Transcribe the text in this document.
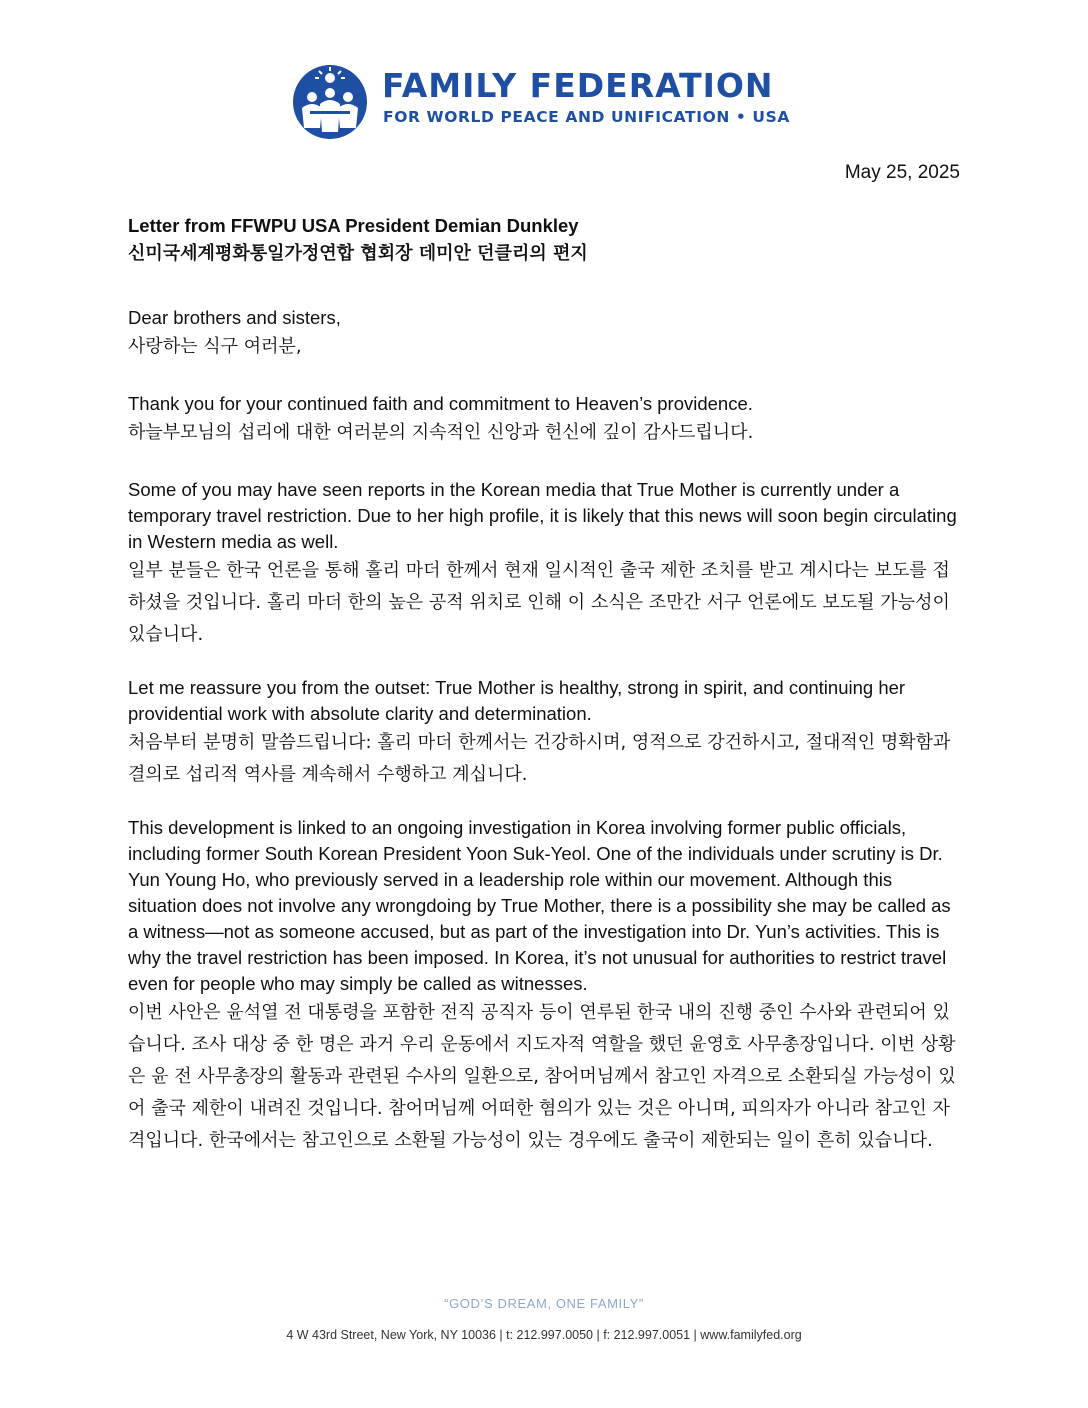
FAMILY FEDERATION
FOR WORLD PEACE AND UNIFICATION • USA
May 25, 2025
Letter from FFWPU USA President Demian Dunkley
신미국세계평화통일가정연합 협회장 데미안 던클리의 편지

Dear brothers and sisters,

사랑하는 식구 여러분,

Thank you for your continued faith and commitment to Heaven’s providence.

하늘부모님의 섭리에 대한 여러분의 지속적인 신앙과 헌신에 깊이 감사드립니다.

Some of you may have seen reports in the Korean media that True Mother is currently under a temporary travel restriction. Due to her high profile, it is likely that this news will soon begin circulating in Western media as well.

일부 분들은 한국 언론을 통해 홀리 마더 한께서 현재 일시적인 출국 제한 조치를 받고 계시다는 보도를 접하셨을 것입니다. 홀리 마더 한의 높은 공적 위치로 인해 이 소식은 조만간 서구 언론에도 보도될 가능성이 있습니다.

Let me reassure you from the outset: True Mother is healthy, strong in spirit, and continuing her providential work with absolute clarity and determination.

처음부터 분명히 말씀드립니다: 홀리 마더 한께서는 건강하시며, 영적으로 강건하시고, 절대적인 명확함과 결의로 섭리적 역사를 계속해서 수행하고 계십니다.

This development is linked to an ongoing investigation in Korea involving former public officials, including former South Korean President Yoon Suk-Yeol. One of the individuals under scrutiny is Dr. Yun Young Ho, who previously served in a leadership role within our movement. Although this situation does not involve any wrongdoing by True Mother, there is a possibility she may be called as a witness—not as someone accused, but as part of the investigation into Dr. Yun’s activities. This is why the travel restriction has been imposed. In Korea, it’s not unusual for authorities to restrict travel even for people who may simply be called as witnesses.

이번 사안은 윤석열 전 대통령을 포함한 전직 공직자 등이 연루된 한국 내의 진행 중인 수사와 관련되어 있습니다. 조사 대상 중 한 명은 과거 우리 운동에서 지도자적 역할을 했던 윤영호 사무총장입니다. 이번 상황은 윤 전 사무총장의 활동과 관련된 수사의 일환으로, 참어머님께서 참고인 자격으로 소환되실 가능성이 있어 출국 제한이 내려진 것입니다. 참어머님께 어떠한 혐의가 있는 것은 아니며, 피의자가 아니라 참고인 자격입니다. 한국에서는 참고인으로 소환될 가능성이 있는 경우에도 출국이 제한되는 일이 흔히 있습니다.

“GOD’S DREAM, ONE FAMILY”
4 W 43rd Street, New York, NY 10036 | t: 212.997.0050 | f: 212.997.0051 | www.familyfed.org
